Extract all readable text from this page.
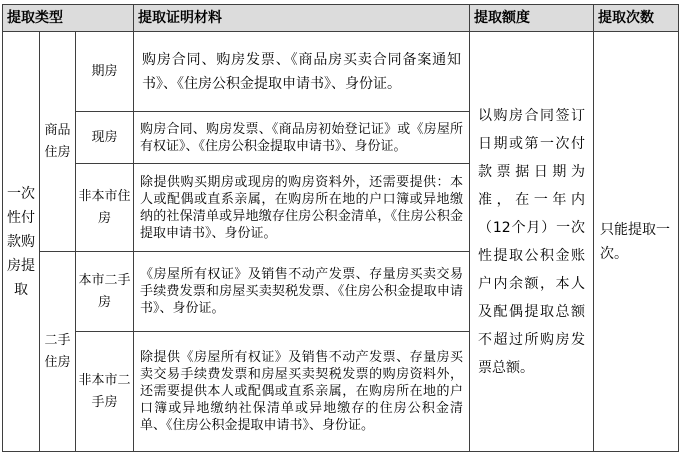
提取类型			提取证明材料	提取额度	提取次数
一次性付款购房提取	商品住房	期房	购房合同、购房发票、《商品房买卖合同备案通知书》、《住房公积金提取申请书》、身份证。	以购房合同签订日期或第一次付款票据日期为准，在一年内（12个月）一次性提取公积金账户内余额，本人及配偶提取总额不超过所购房发票总额。	只能提取一次。
		现房	购房合同、购房发票、《商品房初始登记证》或《房屋所有权证》、《住房公积金提取申请书》、身份证。		
		非本市住房	除提供购买期房或现房的购房资料外，还需要提供：本人或配偶或直系亲属，在购房所在地的户口簿或异地缴纳的社保清单或异地缴存住房公积金清单，《住房公积金提取申请书》、身份证。		
	二手住房	本市二手房	《房屋所有权证》及销售不动产发票、存量房买卖交易手续费发票和房屋买卖契税发票、《住房公积金提取申请书》、身份证。		
		非本市二手房	除提供《房屋所有权证》及销售不动产发票、存量房买卖交易手续费发票和房屋买卖契税发票的购房资料外，还需要提供本人或配偶或直系亲属，在购房所在地的户口簿或异地缴纳社保清单或异地缴存的住房公积金清单、《住房公积金提取申请书》、身份证。		
